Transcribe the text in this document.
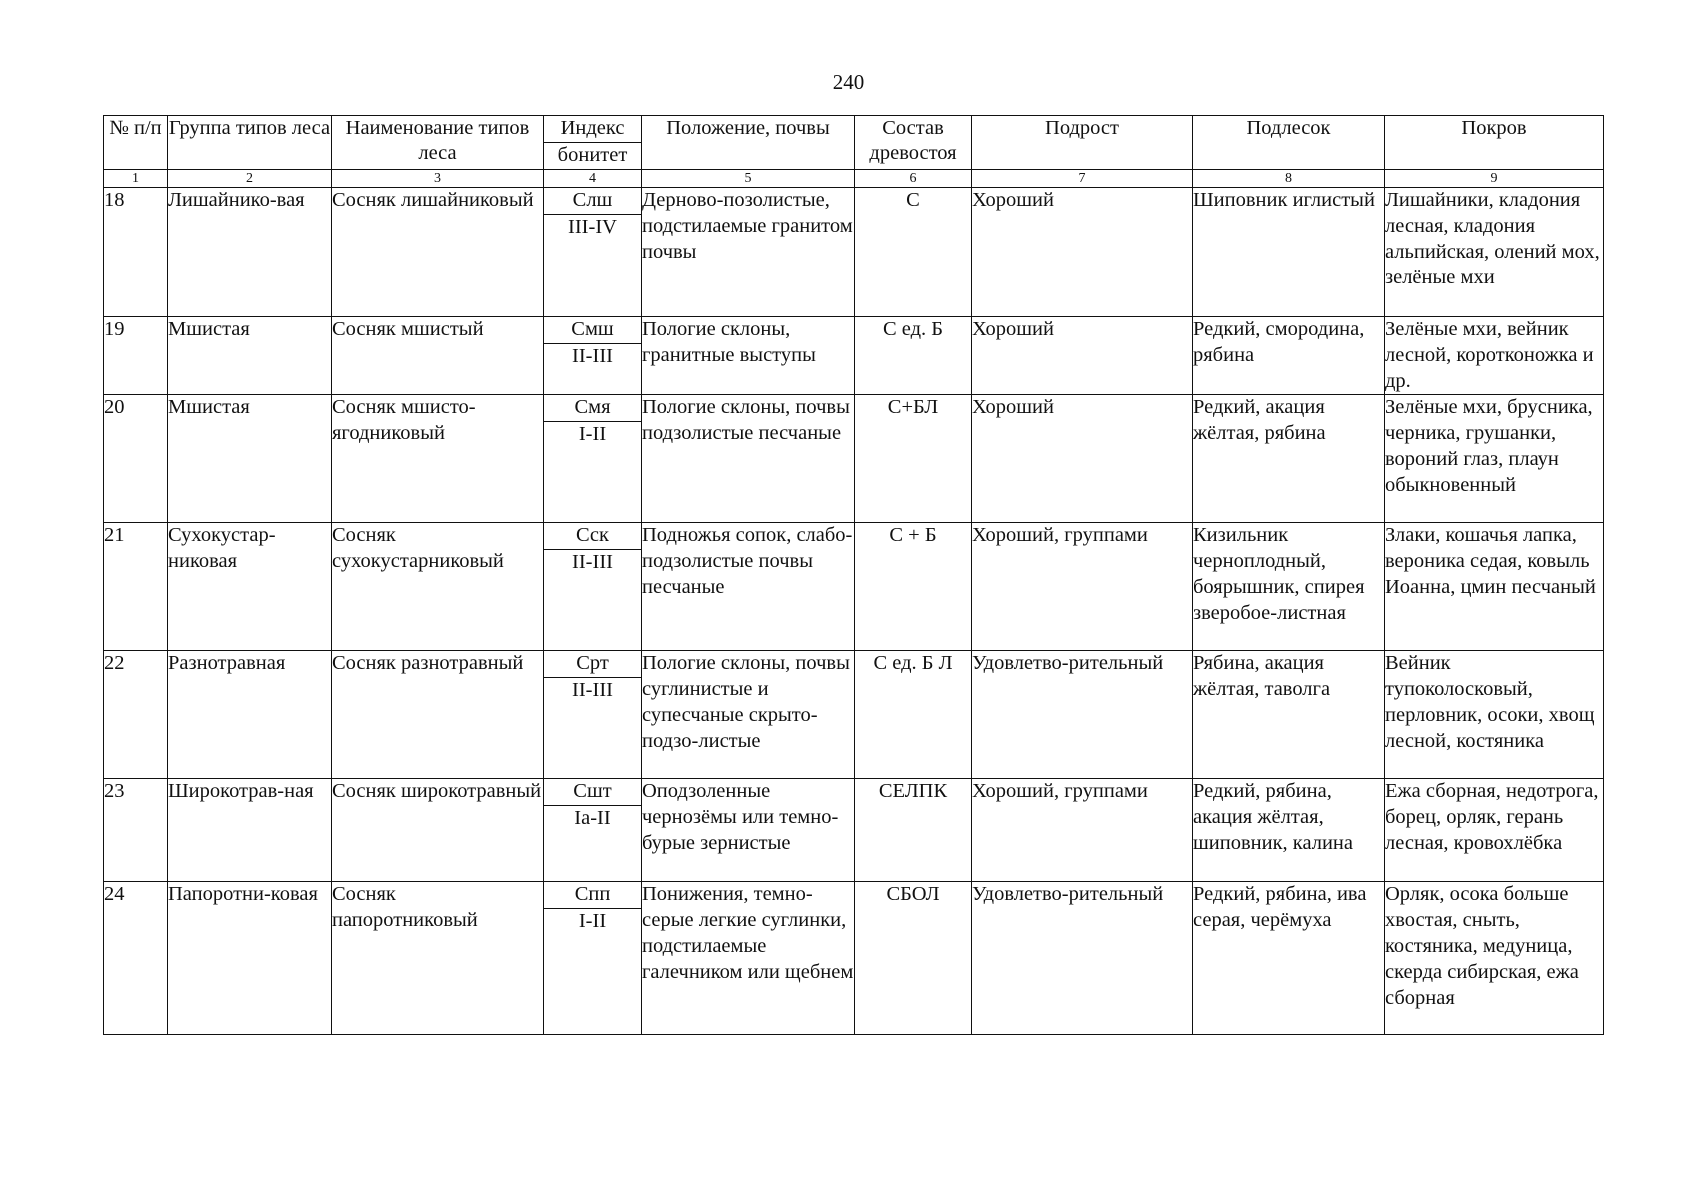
240
№ п/п	Группа типов леса	Наименование типов леса	Индекс	Положение, почвы	Состав древостоя	Подрост	Подлесок	Покров
			бонитет					
1	2	3	4	5	6	7	8	9
18	Лишайнико-вая	Сосняк лишайниковый	Слш	Дерново-позолистые, подстилаемые гранитом почвы	С	Хороший	Шиповник иглистый	Лишайники, кладония лесная, кладония альпийская, олений мох, зелёные мхи
			III-IV					
19	Мшистая	Сосняк мшистый	Смш	Пологие склоны, гранитные выступы	С ед. Б	Хороший	Редкий, смородина, рябина	Зелёные мхи, вейник лесной, коротконожка и др.
			II-III					
20	Мшистая	Сосняк мшисто-ягодниковый	Смя	Пологие склоны, почвы подзолистые песчаные	С+БЛ	Хороший	Редкий, акация жёлтая, рябина	Зелёные мхи, брусника, черника, грушанки, вороний глаз, плаун обыкновенный
			I-II					
21	Сухокустар-никовая	Сосняк сухокустарниковый	Сск	Подножья сопок, слабо-подзолистые почвы песчаные	С + Б	Хороший, группами	Кизильник черноплодный, боярышник, спирея зверобое-листная	Злаки, кошачья лапка, вероника седая, ковыль Иоанна, цмин песчаный
			II-III					
22	Разнотравная	Сосняк разнотравный	Срт	Пологие склоны, почвы суглинистые и супесчаные скрыто-подзо-листые	С ед. Б Л	Удовлетво-рительный	Рябина, акация жёлтая, таволга	Вейник тупоколосковый, перловник, осоки, хвощ лесной, костяника
			II-III					
23	Широкотрав-ная	Сосняк широкотравный	Сшт	Оподзоленные чернозёмы или темно-бурые зернистые	СЕЛПК	Хороший, группами	Редкий, рябина, акация жёлтая, шиповник, калина	Ежа сборная, недотрога, борец, орляк, герань лесная, кровохлёбка
			Ia-II					
24	Папоротни-ковая	Сосняк папоротниковый	Спп	Понижения, темно-серые легкие суглинки, подстилаемые галечником или щебнем	СБОЛ	Удовлетво-рительный	Редкий, рябина, ива серая, черёмуха	Орляк, осока больше хвостая, сныть, костяника, медуница, скерда сибирская, ежа сборная
			I-II					
